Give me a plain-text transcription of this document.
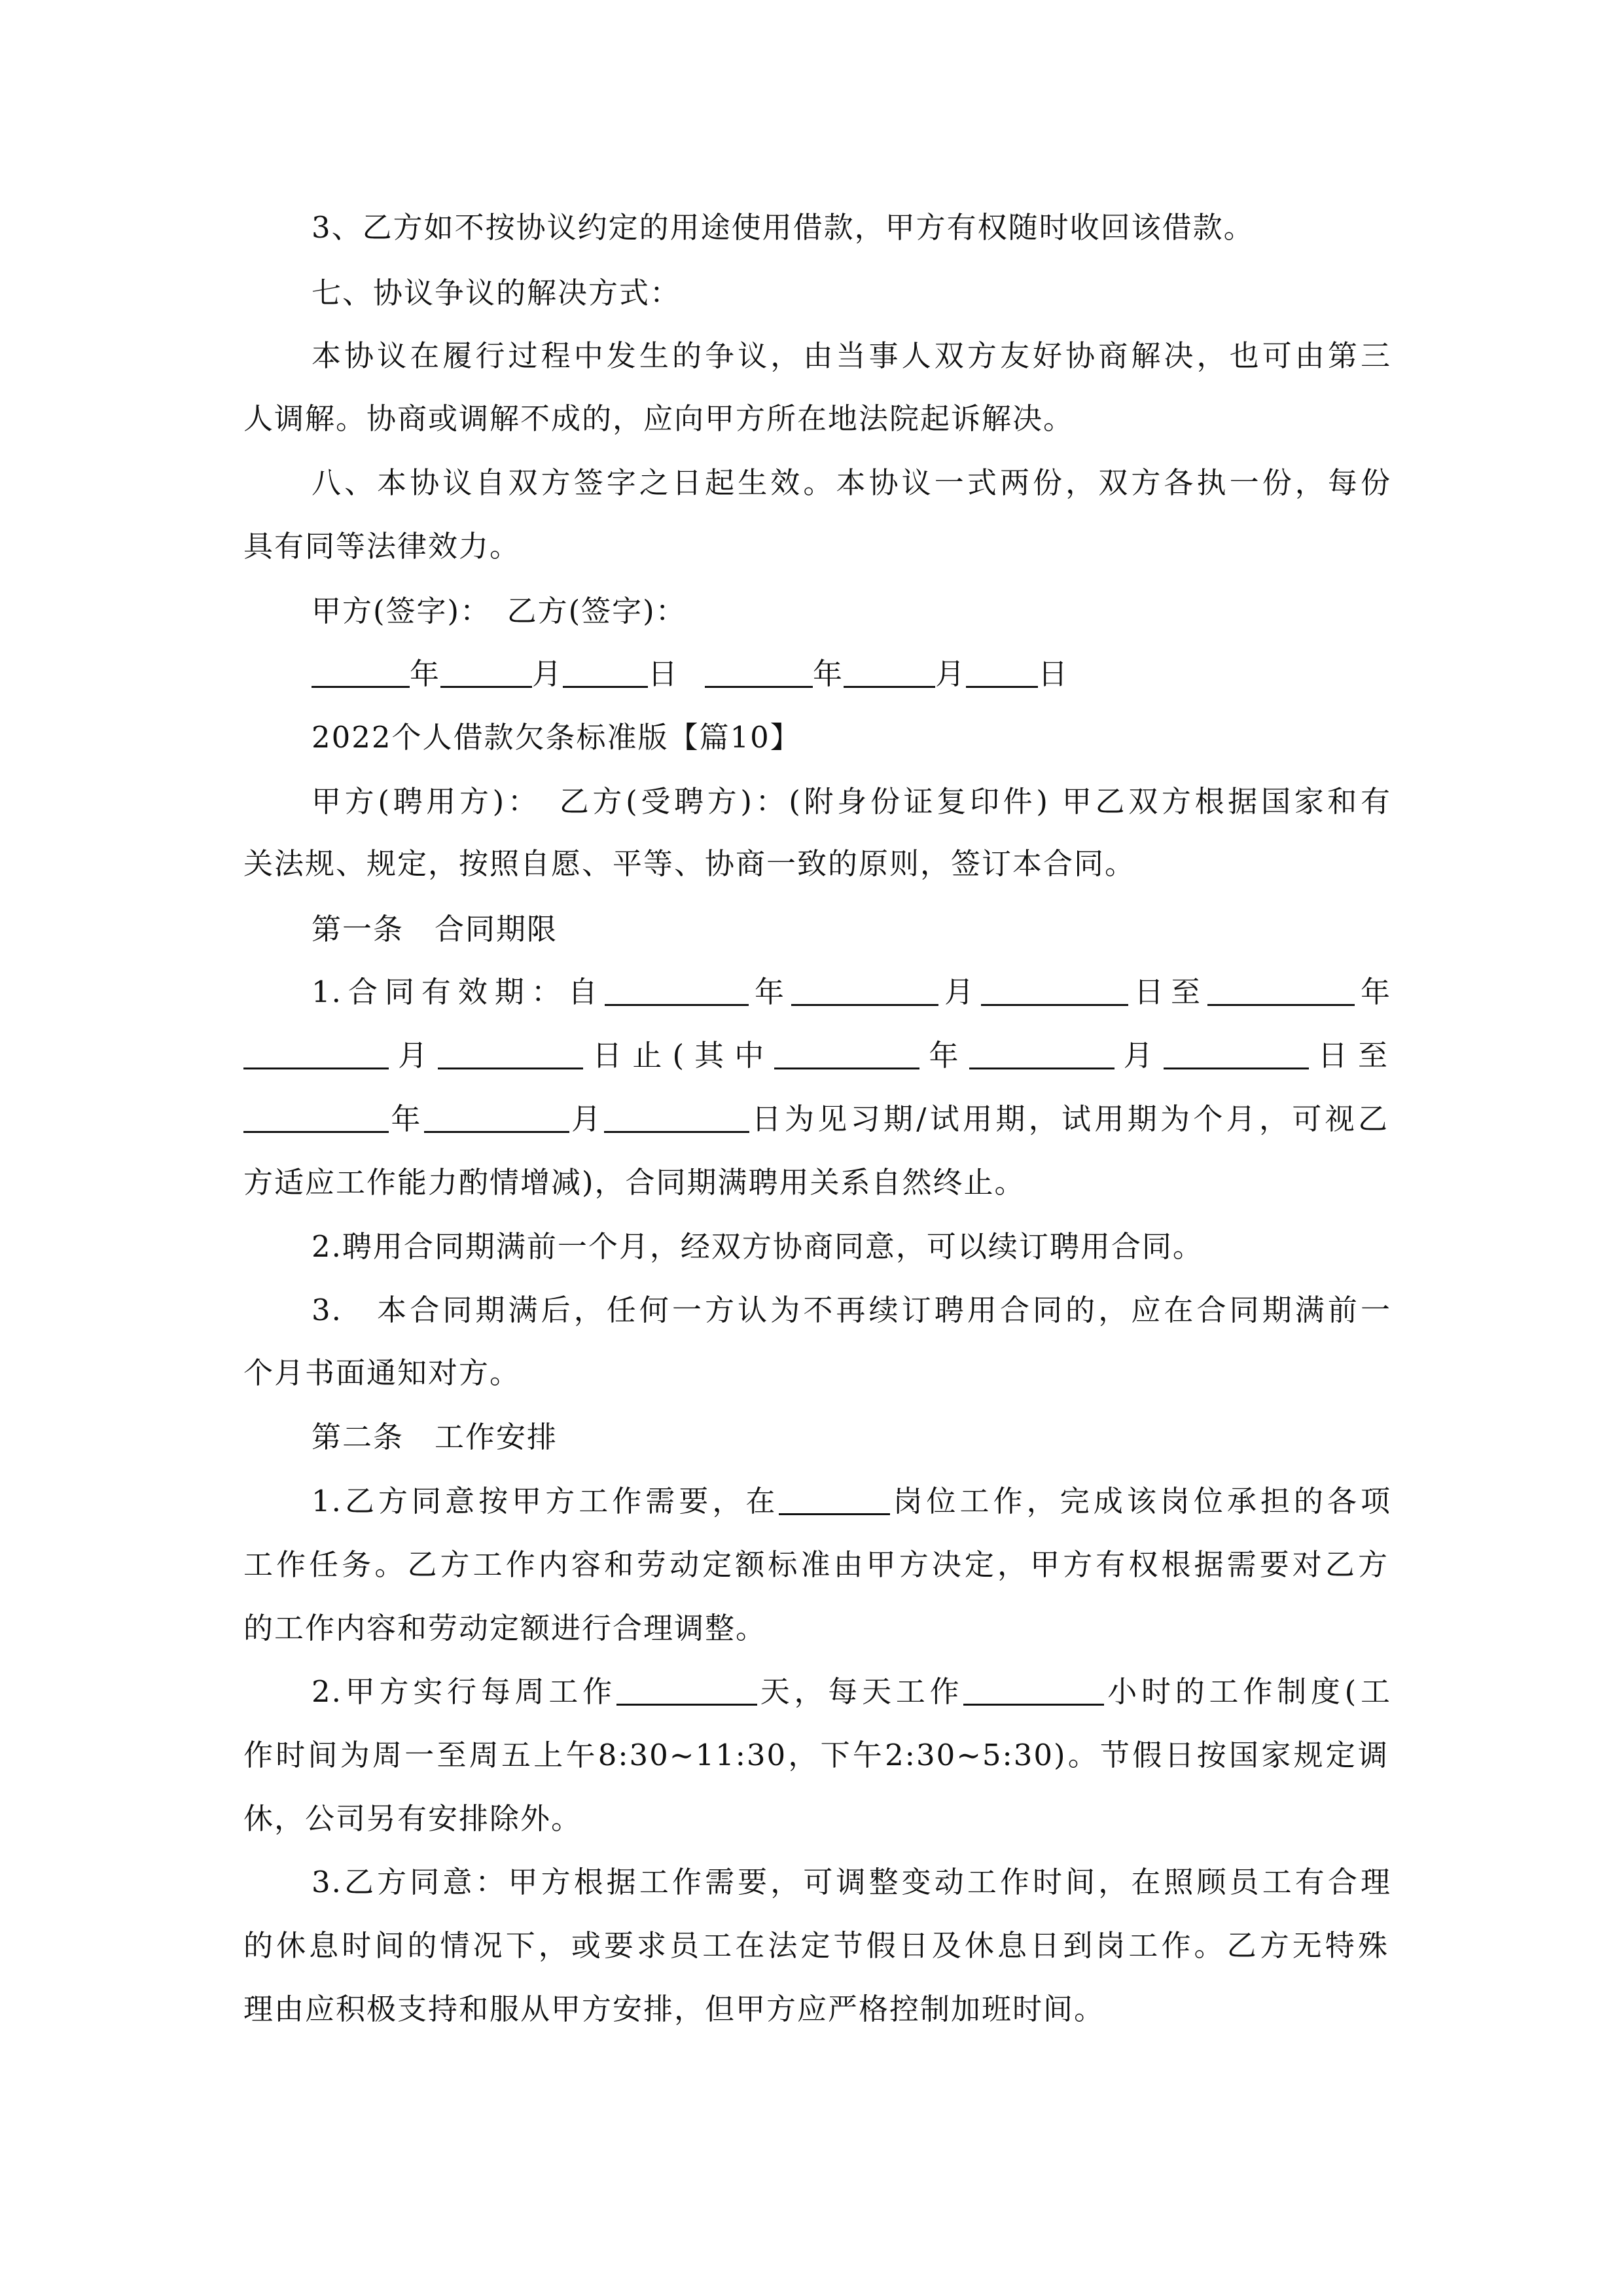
3、乙方如不按协议约定的用途使用借款，甲方有权随时收回该借款。
七、协议争议的解决方式：
本协议在履行过程中发生的争议，由当事人双方友好协商解决，也可由第三
人调解。协商或调解不成的，应向甲方所在地法院起诉解决。
八、本协议自双方签字之日起生效。本协议一式两份，双方各执一份，每份
具有同等法律效力。
甲方(签字)：　乙方(签字)：
年	月	日	年	月 日
2022个人借款欠条标准版【篇10】
甲方(聘用方)：　乙方(受聘方)：(附身份证复印件) 甲乙双方根据国家和有
关法规、规定，按照自愿、平等、协商一致的原则，签订本合同。
第一条　合同期限
1.合同有效期：自	年	月	日至	年
月	日止(其中	年	月	日至
年	月	日为见习期/试用期，试用期为个月，可视乙
方适应工作能力酌情增减)，合同期满聘用关系自然终止。
2.聘用合同期满前一个月，经双方协商同意，可以续订聘用合同。
3.　本合同期满后，任何一方认为不再续订聘用合同的，应在合同期满前一
个月书面通知对方。
第二条　工作安排
1.乙方同意按甲方工作需要，在	岗位工作，完成该岗位承担的各项
工作任务。乙方工作内容和劳动定额标准由甲方决定，甲方有权根据需要对乙方
的工作内容和劳动定额进行合理调整。
2.甲方实行每周工作	天，每天工作	小时的工作制度(工
作时间为周一至周五上午8:30~11:30，下午2:30~5:30)。节假日按国家规定调
休，公司另有安排除外。
3.乙方同意：甲方根据工作需要，可调整变动工作时间，在照顾员工有合理
的休息时间的情况下，或要求员工在法定节假日及休息日到岗工作。乙方无特殊
理由应积极支持和服从甲方安排，但甲方应严格控制加班时间。
